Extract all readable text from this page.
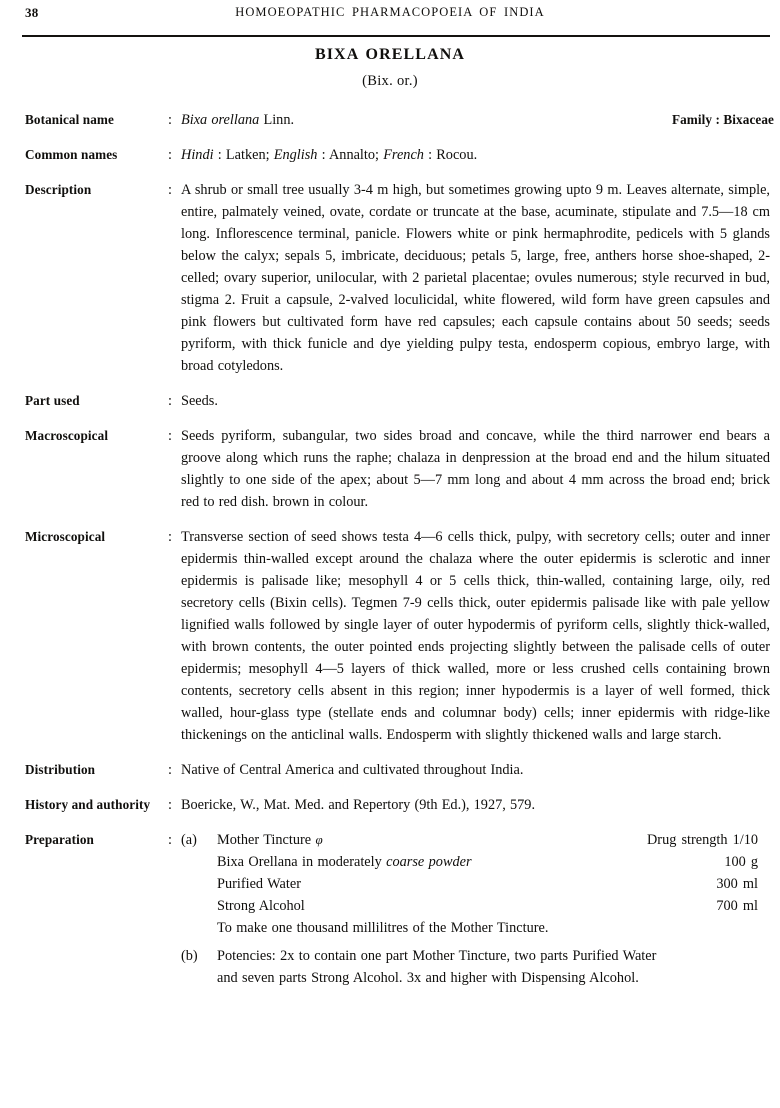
38	HOMOEOPATHIC PHARMACOPOEIA OF INDIA
BIXA ORELLANA
(Bix. or.)
Botanical name	: Bixa orellana Linn.	Family : Bixaceae
Common names	: Hindi : Latken; English : Annalto; French : Rocou.
Description	: A shrub or small tree usually 3-4 m high, but sometimes growing upto 9 m. Leaves alternate, simple, entire, palmately veined, ovate, cordate or truncate at the base, acuminate, stipulate and 7.5—18 cm long. Inflorescence terminal, panicle. Flowers white or pink hermaphrodite, pedicels with 5 glands below the calyx; sepals 5, imbricate, deciduous; petals 5, large, free, anthers horse shoe-shaped, 2-celled; ovary superior, unilocular, with 2 parietal placentae; ovules numerous; style recurved in bud, stigma 2. Fruit a capsule, 2-valved loculicidal, white flowered, wild form have green capsules and pink flowers but cultivated form have red capsules; each capsule contains about 50 seeds; seeds pyriform, with thick funicle and dye yielding pulpy testa, endosperm copious, embryo large, with broad cotyledons.
Part used	: Seeds.
Macroscopical	: Seeds pyriform, subangular, two sides broad and concave, while the third narrower end bears a groove along which runs the raphe; chalaza in denpression at the broad end and the hilum situated slightly to one side of the apex; about 5—7 mm long and about 4 mm across the broad end; brick red to red dish. brown in colour.
Microscopical	: Transverse section of seed shows testa 4—6 cells thick, pulpy, with secretory cells; outer and inner epidermis thin-walled except around the chalaza where the outer epidermis is sclerotic and inner epidermis is palisade like; mesophyll 4 or 5 cells thick, thin-walled, containing large, oily, red secretory cells (Bixin cells). Tegmen 7-9 cells thick, outer epidermis palisade like with pale yellow lignified walls followed by single layer of outer hypodermis of pyriform cells, slightly thick-walled, with brown contents, the outer pointed ends projecting slightly between the palisade cells of outer epidermis; mesophyll 4—5 layers of thick walled, more or less crushed cells containing brown contents, secretory cells absent in this region; inner hypodermis is a layer of well formed, thick walled, hour-glass type (stellate ends and columnar body) cells; inner epidermis with ridge-like thickenings on the anticlinal walls. Endosperm with slightly thickened walls and large starch.
Distribution	: Native of Central America and cultivated throughout India.
History and authority	: Boericke, W., Mat. Med. and Repertory (9th Ed.), 1927, 579.
Preparation	: (a)	Mother Tincture φ	Drug strength 1/10
Bixa Orellana in moderately coarse powder	100 g
Purified Water	300 ml
Strong Alcohol	700 ml
To make one thousand millilitres of the Mother Tincture.
(b)	Potencies: 2x to contain one part Mother Tincture, two parts Purified Water
and seven parts Strong Alcohol. 3x and higher with Dispensing Alcohol.
